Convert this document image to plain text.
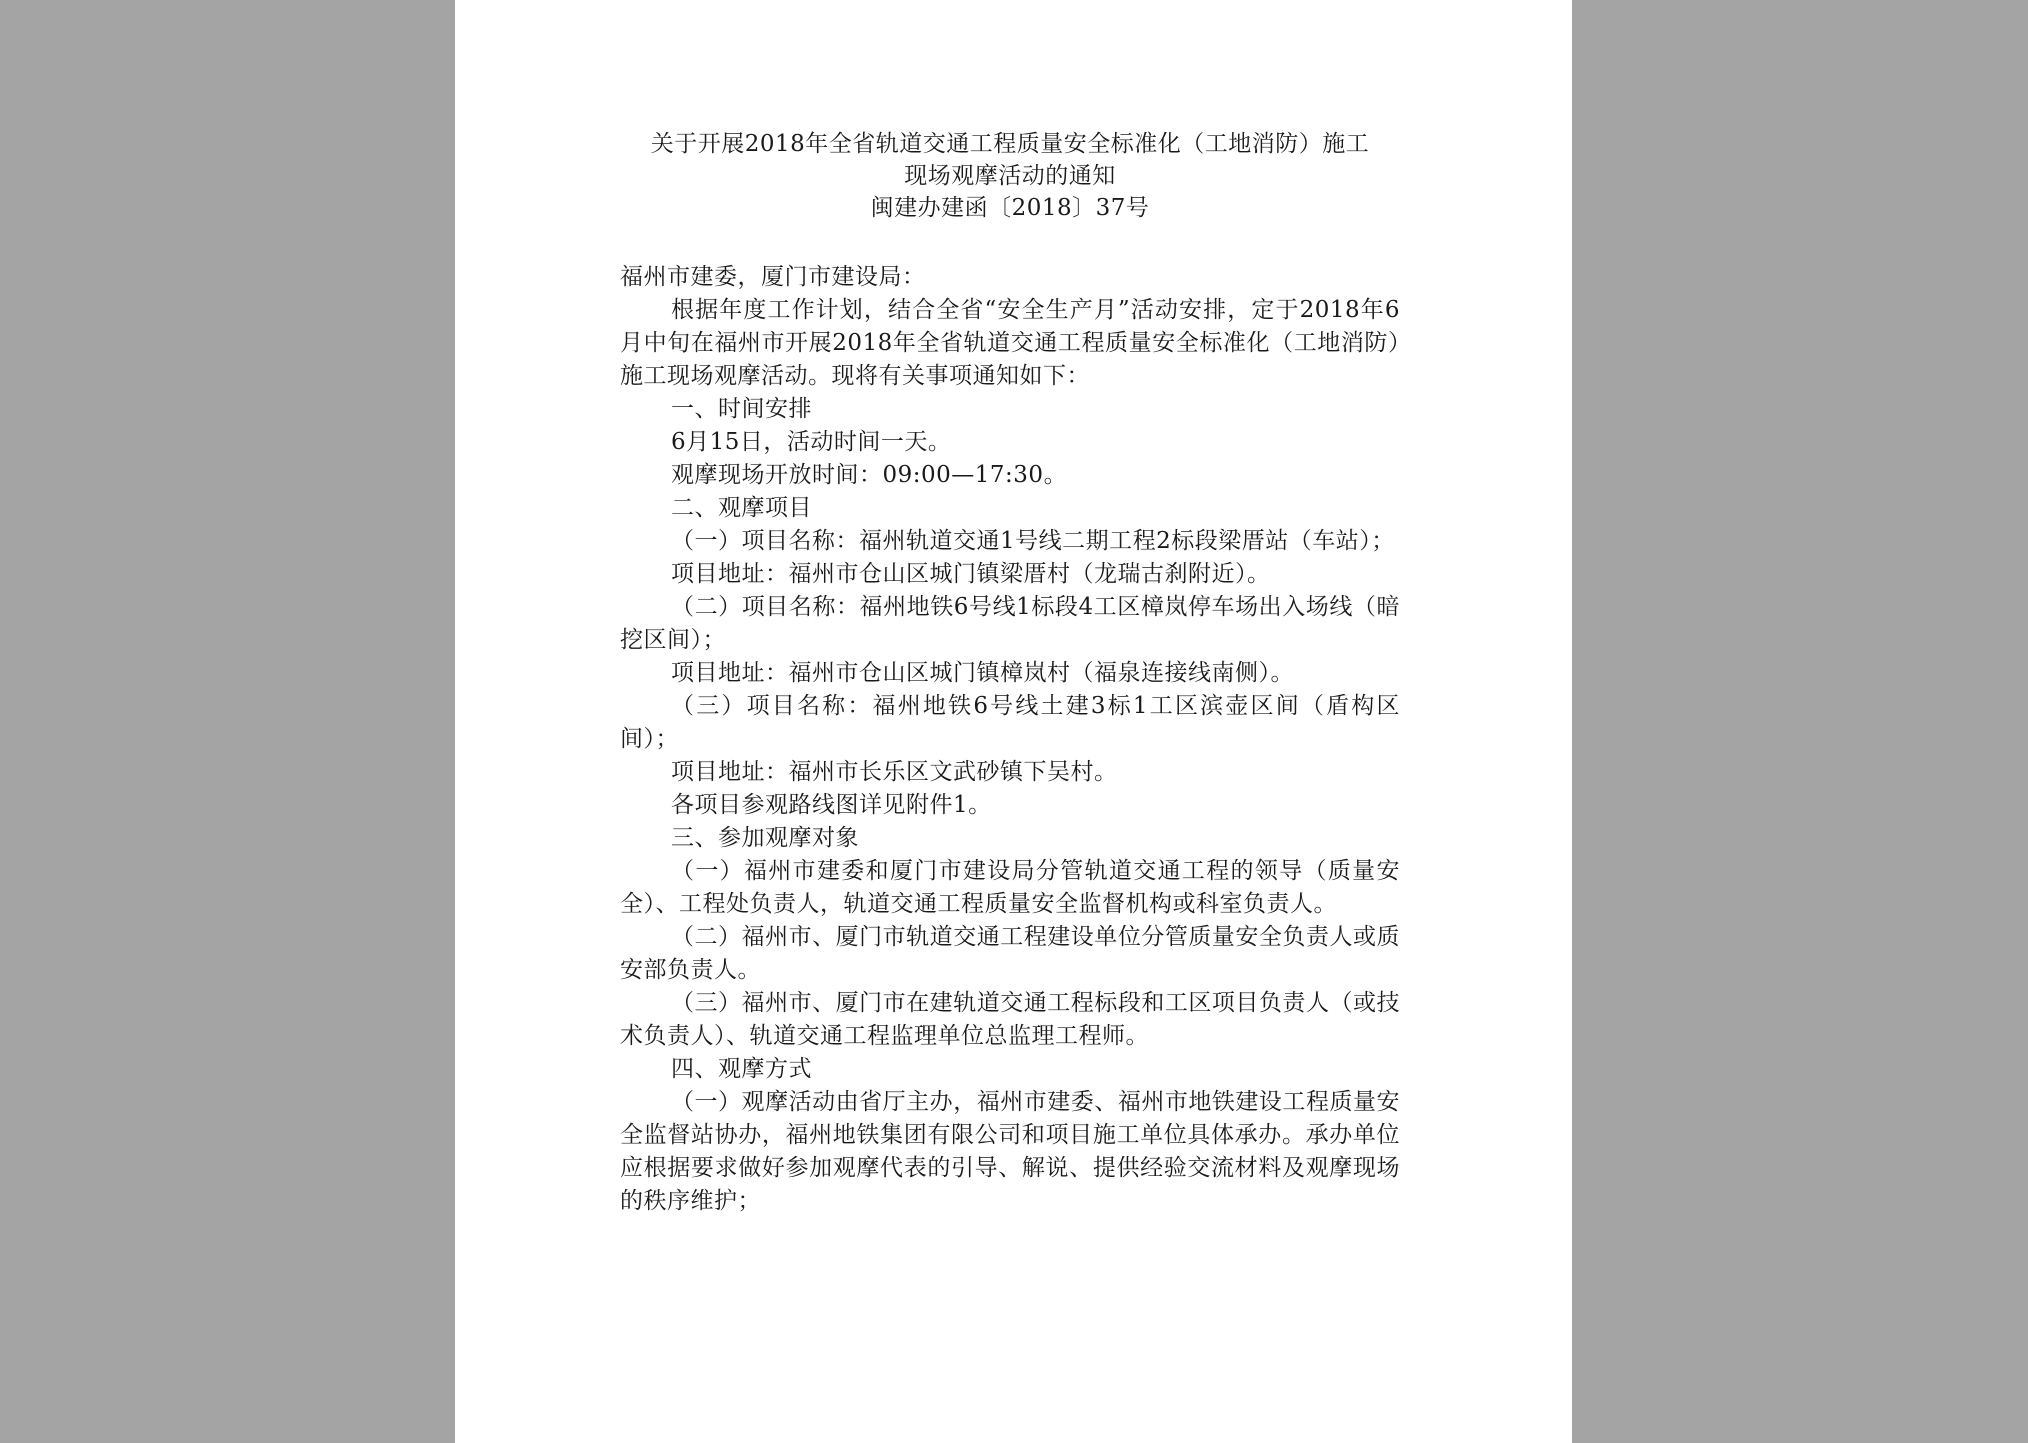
关于开展2018年全省轨道交通工程质量安全标准化（工地消防）施工
现场观摩活动的通知
闽建办建函〔2018〕37号
福州市建委，厦门市建设局：
根据年度工作计划，结合全省“安全生产月”活动安排，定于2018年6月中旬在福州市开展2018年全省轨道交通工程质量安全标准化（工地消防）施工现场观摩活动。现将有关事项通知如下：
一、时间安排
6月15日，活动时间一天。
观摩现场开放时间：09:00—17:30。
二、观摩项目
（一）项目名称：福州轨道交通1号线二期工程2标段梁厝站（车站）；
项目地址：福州市仓山区城门镇梁厝村（龙瑞古刹附近）。
（二）项目名称：福州地铁6号线1标段4工区樟岚停车场出入场线（暗挖区间）；
项目地址：福州市仓山区城门镇樟岚村（福泉连接线南侧）。
（三）项目名称：福州地铁6号线土建3标1工区滨壶区间（盾构区间）；
项目地址：福州市长乐区文武砂镇下吴村。
各项目参观路线图详见附件1。
三、参加观摩对象
（一）福州市建委和厦门市建设局分管轨道交通工程的领导（质量安全）、工程处负责人，轨道交通工程质量安全监督机构或科室负责人。
（二）福州市、厦门市轨道交通工程建设单位分管质量安全负责人或质安部负责人。
（三）福州市、厦门市在建轨道交通工程标段和工区项目负责人（或技术负责人）、轨道交通工程监理单位总监理工程师。
四、观摩方式
（一）观摩活动由省厅主办，福州市建委、福州市地铁建设工程质量安全监督站协办，福州地铁集团有限公司和项目施工单位具体承办。承办单位应根据要求做好参加观摩代表的引导、解说、提供经验交流材料及观摩现场的秩序维护；
